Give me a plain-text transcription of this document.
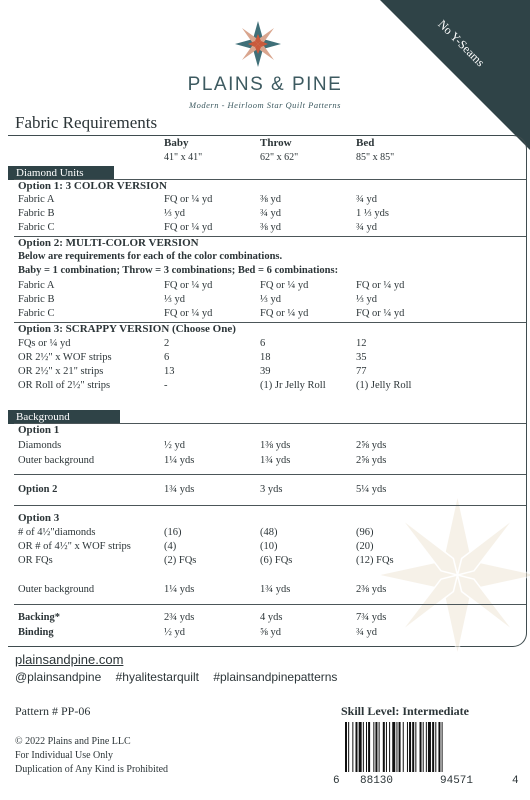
No Y-Seams
PLAINS & PINE
Modern - Heirloom Star Quilt Patterns
Fabric Requirements
Baby	Throw	Bed
41" x 41"	62" x 62"	85" x 85"
Diamond Units
Option 1: 3 COLOR VERSION
Fabric A	FQ or ¼ yd	⅜ yd	¾ yd
Fabric B	⅓ yd	¾ yd	1 ⅓ yds
Fabric C	FQ or ¼ yd	⅜ yd	¾ yd
Option 2: MULTI-COLOR VERSION
Below are requirements for each of the color combinations.
Baby = 1 combination; Throw = 3 combinations; Bed = 6 combinations:
Fabric A	FQ or ¼ yd	FQ or ¼ yd	FQ or ¼ yd
Fabric B	⅓ yd	⅓ yd	⅓ yd
Fabric C	FQ or ¼ yd	FQ or ¼ yd	FQ or ¼ yd
Option 3: SCRAPPY VERSION (Choose One)
FQs or ¼ yd	2	6	12
OR 2½" x WOF strips	6	18	35
OR 2½" x 21" strips	13	39	77
OR Roll of 2½" strips	-	(1) Jr Jelly Roll	(1) Jelly Roll
Background
Option 1
Diamonds	½ yd	1⅜ yds	2⅝ yds
Outer background	1¼ yds	1¾ yds	2⅝ yds
Option 2	1¾ yds	3 yds	5¼ yds
Option 3
# of 4½"diamonds	(16)	(48)	(96)
OR # of 4½" x WOF strips	(4)	(10)	(20)
OR FQs	(2) FQs	(6) FQs	(12) FQs
Outer background	1¼ yds	1¾ yds	2⅜ yds
Backing*	2¾ yds	4 yds	7¾ yds
Binding	½ yd	⅝ yd	¾ yd
plainsandpine.com
@plainsandpine #hyalitestarquilt #plainsandpinepatterns
Pattern # PP-06	Skill Level: Intermediate
© 2022 Plains and Pine LLC
For Individual Use Only
Duplication of Any Kind is Prohibited
6 88130	94571	4
